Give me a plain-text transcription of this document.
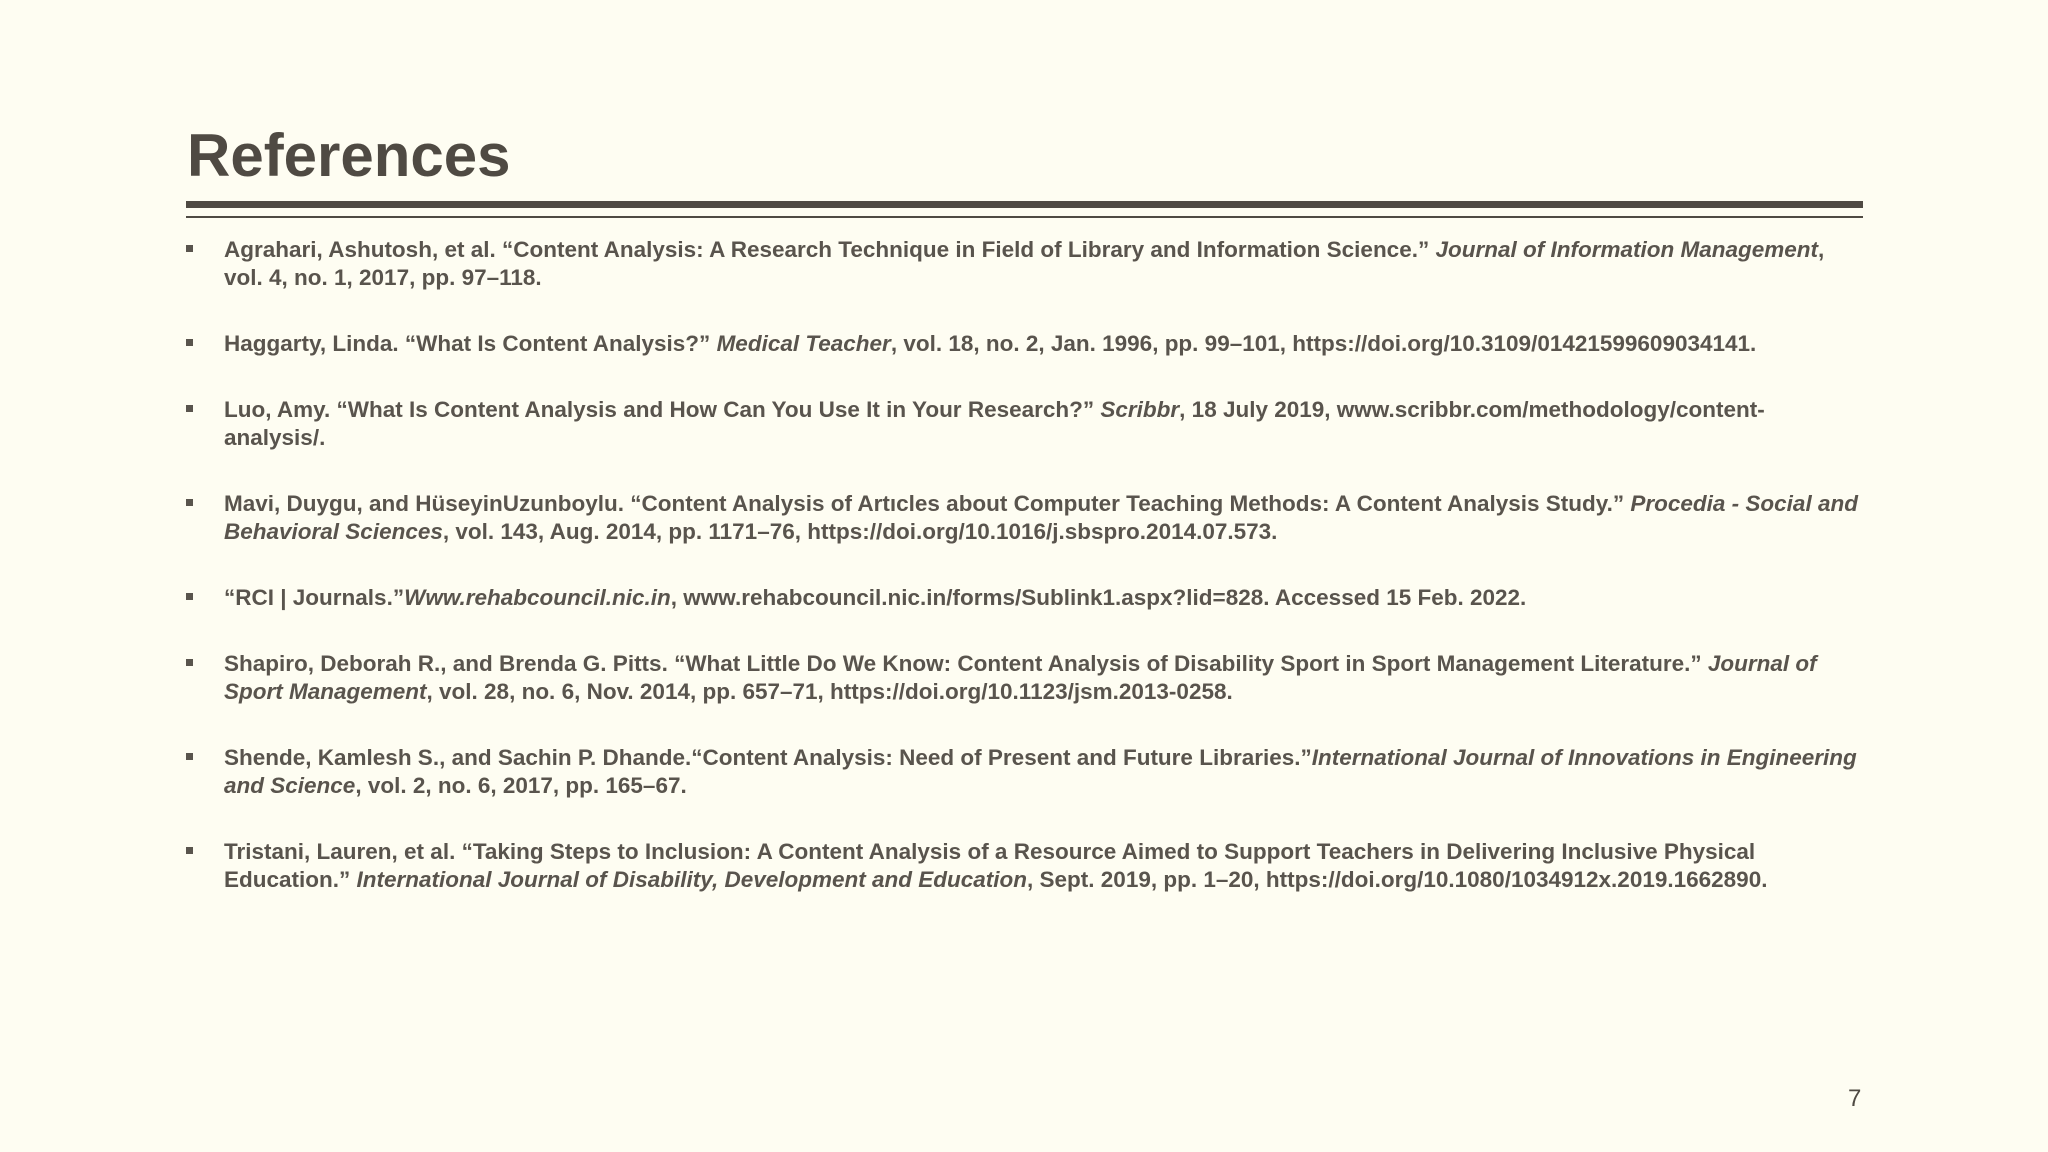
References
Agrahari, Ashutosh, et al. “Content Analysis: A Research Technique in Field of Library and Information Science.” Journal of Information Management, vol. 4, no. 1, 2017, pp. 97–118.
Haggarty, Linda. “What Is Content Analysis?” Medical Teacher, vol. 18, no. 2, Jan. 1996, pp. 99–101, https://doi.org/10.3109/01421599609034141.
Luo, Amy. “What Is Content Analysis and How Can You Use It in Your Research?” Scribbr, 18 July 2019, www.scribbr.com/methodology/content-analysis/.
Mavi, Duygu, and HüseyinUzunboylu. “Content Analysis of Artıcles about Computer Teaching Methods: A Content Analysis Study.” Procedia - Social and Behavioral Sciences, vol. 143, Aug. 2014, pp. 1171–76, https://doi.org/10.1016/j.sbspro.2014.07.573.
“RCI | Journals.”Www.rehabcouncil.nic.in, www.rehabcouncil.nic.in/forms/Sublink1.aspx?lid=828. Accessed 15 Feb. 2022.
Shapiro, Deborah R., and Brenda G. Pitts. “What Little Do We Know: Content Analysis of Disability Sport in Sport Management Literature.” Journal of Sport Management, vol. 28, no. 6, Nov. 2014, pp. 657–71, https://doi.org/10.1123/jsm.2013-0258.
Shende, Kamlesh S., and Sachin P. Dhande.“Content Analysis: Need of Present and Future Libraries.”International Journal of Innovations in Engineering and Science, vol. 2, no. 6, 2017, pp. 165–67.
Tristani, Lauren, et al. “Taking Steps to Inclusion: A Content Analysis of a Resource Aimed to Support Teachers in Delivering Inclusive Physical Education.” International Journal of Disability, Development and Education, Sept. 2019, pp. 1–20, https://doi.org/10.1080/1034912x.2019.1662890.
7
